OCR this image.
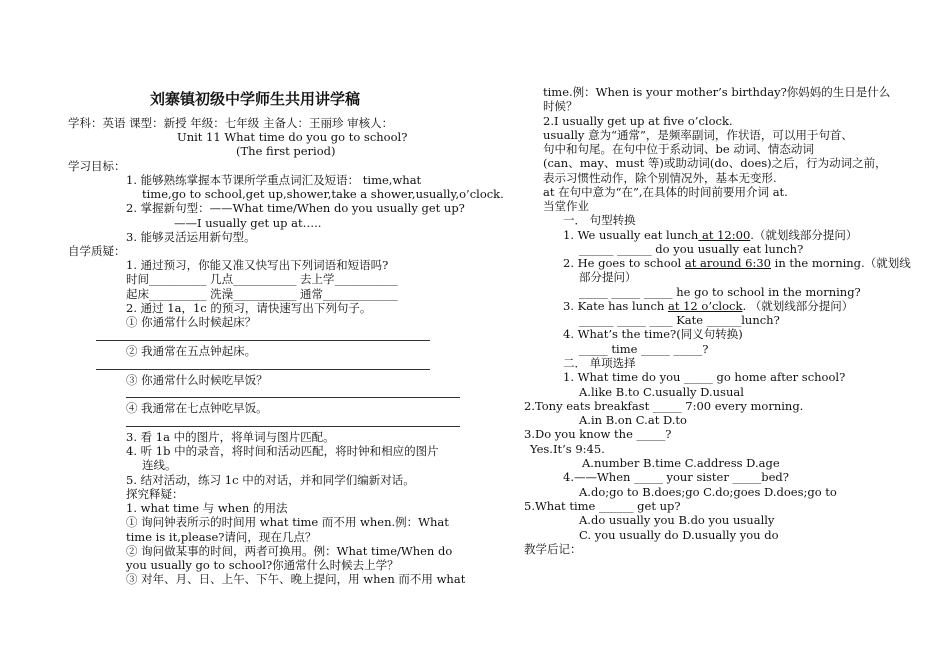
刘寨镇初级中学师生共用讲学稿
学科：英语 课型：新授 年级：七年级 主备人：王丽珍 审核人：
Unit 11 What time do you go to school?
(The first period)
学习目标：
1. 能够熟练掌握本节课所学重点词汇及短语： time,what
time,go to school,get up,shower,take a shower,usually,o’clock.
2. 掌握新句型：——What time/When do you usually get up?
——I usually get up at…..
3. 能够灵活运用新句型。
自学质疑：
1. 通过预习，你能又准又快写出下列词语和短语吗?
时间__________ 几点___________ 去上学___________
起床__________ 洗澡___________ 通常_____________
2. 通过 1a，1c 的预习，请快速写出下列句子。
① 你通常什么时候起床？
② 我通常在五点钟起床。
③ 你通常什么时候吃早饭？
④ 我通常在七点钟吃早饭。
3. 看 1a 中的图片，将单词与图片匹配。
4. 听 1b 中的录音，将时间和活动匹配，将时钟和相应的图片
连线。
5. 结对活动，练习 1c 中的对话，并和同学们编新对话。
探究释疑：
1. what time 与 when 的用法
① 询问钟表所示的时间用 what time 而不用 when.例：What
time is it,please?请问，现在几点？
② 询问做某事的时间，两者可换用。例：What time/When do
you usually go to school?你通常什么时候去上学？
③ 对年、月、日、上午、下午、晚上提问，用 when 而不用 what
time.例：When is your mother’s birthday?你妈妈的生日是什么
时候？
2.I usually get up at five o’clock.
usually 意为“通常”，是频率副词，作状语，可以用于句首、
句中和句尾。在句中位于系动词、be 动词、情态动词
(can、may、must 等)或助动词(do、does)之后，行为动词之前，
表示习惯性动作，除个别情况外，基本无变形.
at 在句中意为“在”,在具体的时间前要用介词 at.
当堂作业
一． 句型转换
1. We usually eat lunch at 12:00.（就划线部分提问）
______ ______ do you usually eat lunch?
2. He goes to school at around 6:30 in the morning.（就划线
部分提问）
_____ _____ _____ he go to school in the morning?
3. Kate has lunch at 12 o’clock. （就划线部分提问）
______ _____ ____ Kate ______lunch?
4. What’s the time?(同义句转换)
_____ time _____ _____?
二． 单项选择
1. What time do you _____ go home after school?
A.like B.to C.usually D.usual
2.Tony eats breakfast _____ 7:00 every morning.
A.in B.on C.at D.to
3.Do you know the _____?
Yes.It’s 9:45.
A.number B.time C.address D.age
4.——When _____ your sister _____bed?
A.do;go to B.does;go C.do;goes D.does;go to
5.What time ______ get up?
A.do usually you B.do you usually
C. you usually do D.usually you do
教学后记：
